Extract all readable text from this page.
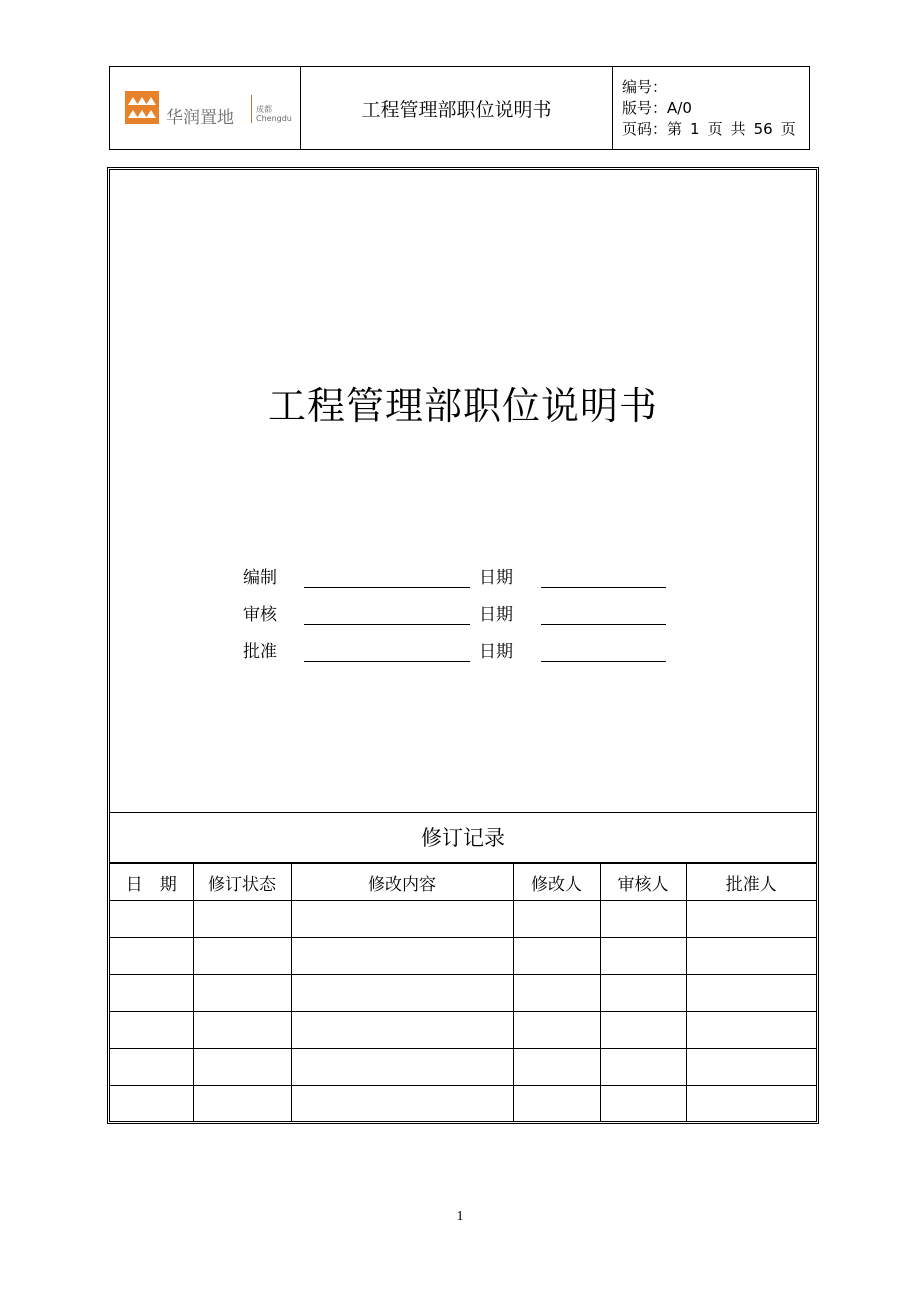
华润置地	成都
Chengdu	工程管理部职位说明书
编号：
版号：A/0
页码：第 1 页 共 56 页
工程管理部职位说明书
编制	日期
审核	日期
批准	日期
修订记录
日　期	修订状态	修改内容	修改人	审核人	批准人

1
